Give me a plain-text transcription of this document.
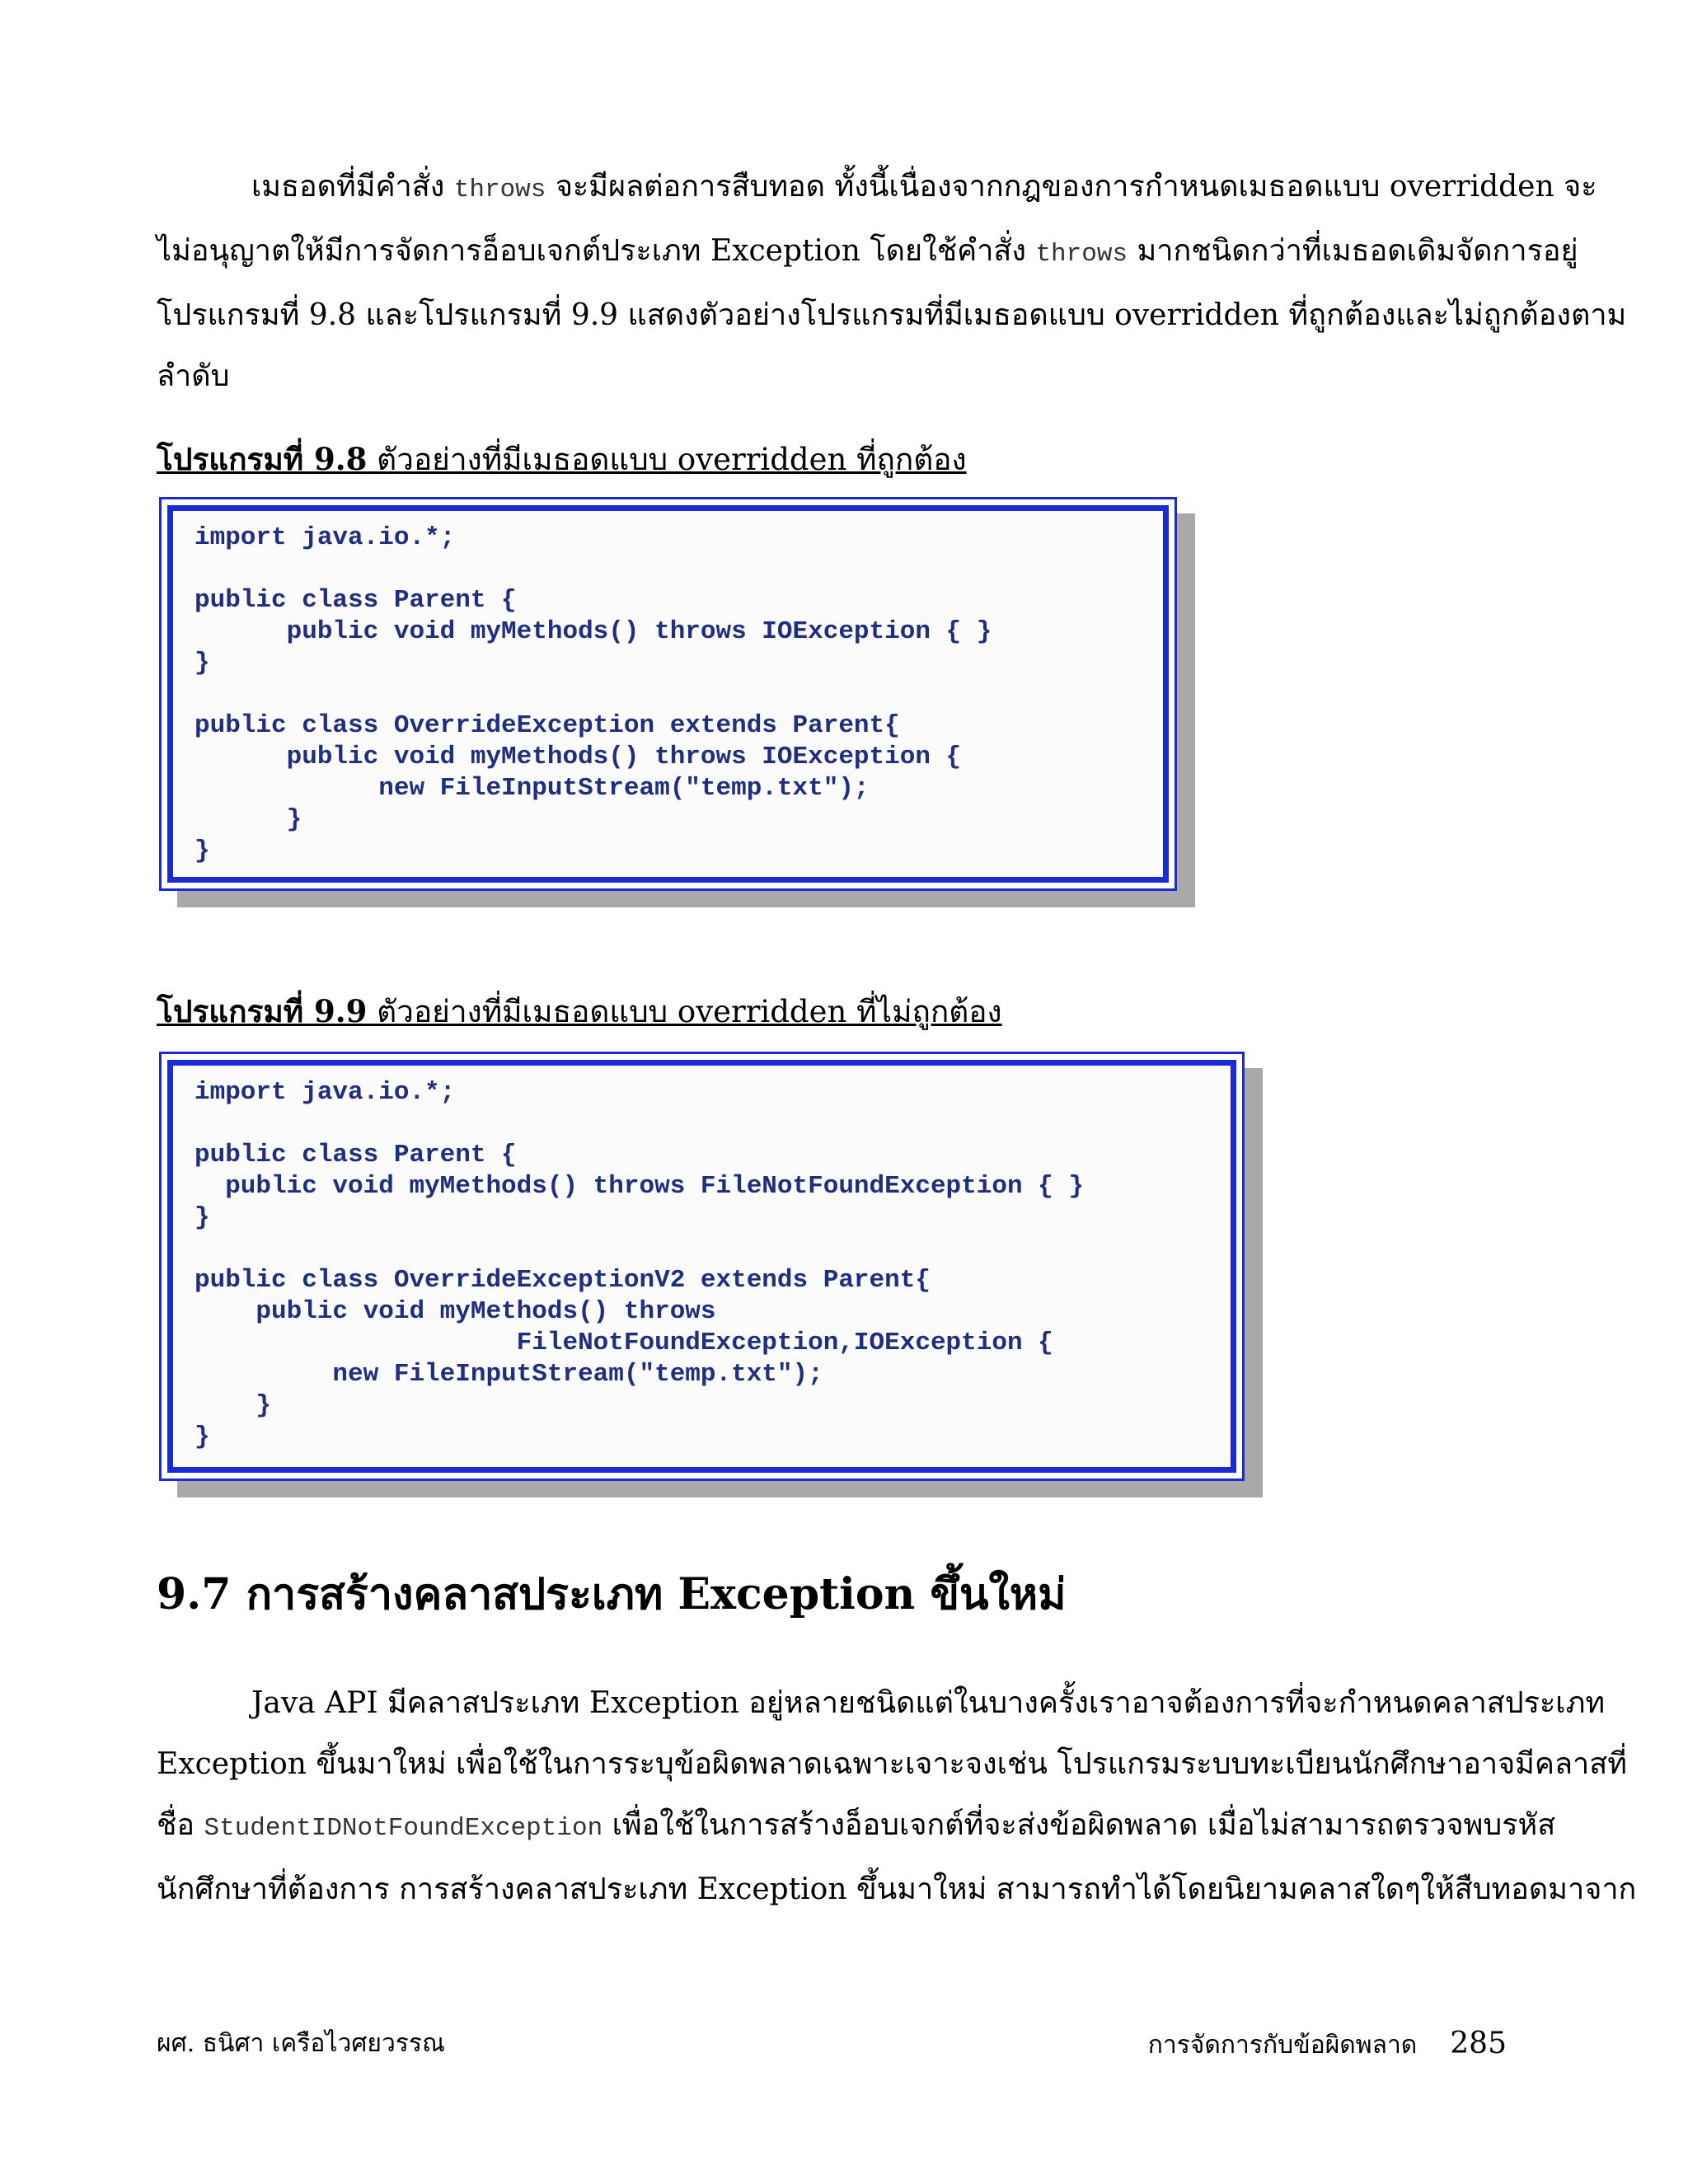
เมธอดที่มีคำสั่ง throws จะมีผลต่อการสืบทอด ทั้งนี้เนื่องจากกฎของการกำหนดเมธอดแบบ overridden จะ
ไม่อนุญาตให้มีการจัดการอ็อบเจกต์ประเภท Exception โดยใช้คำสั่ง throws มากชนิดกว่าที่เมธอดเดิมจัดการอยู่
โปรแกรมที่ 9.8 และโปรแกรมที่ 9.9 แสดงตัวอย่างโปรแกรมที่มีเมธอดแบบ overridden ที่ถูกต้องและไม่ถูกต้องตาม
ลำดับ

โปรแกรมที่ 9.8 ตัวอย่างที่มีเมธอดแบบ overridden ที่ถูกต้อง
import java.io.*;

public class Parent {
public void myMethods() throws IOException { }
}

public class OverrideException extends Parent{
public void myMethods() throws IOException {
new FileInputStream("temp.txt");
}
}
โปรแกรมที่ 9.9 ตัวอย่างที่มีเมธอดแบบ overridden ที่ไม่ถูกต้อง
import java.io.*;

public class Parent {
public void myMethods() throws FileNotFoundException { }
}

public class OverrideExceptionV2 extends Parent{
public void myMethods() throws
FileNotFoundException,IOException {
new FileInputStream("temp.txt");
}
}
9.7 การสร้างคลาสประเภท Exception ขึ้นใหม่

Java API มีคลาสประเภท Exception อยู่หลายชนิดแต่ในบางครั้งเราอาจต้องการที่จะกำหนดคลาสประเภท
Exception ขึ้นมาใหม่ เพื่อใช้ในการระบุข้อผิดพลาดเฉพาะเจาะจงเช่น โปรแกรมระบบทะเบียนนักศึกษาอาจมีคลาสที่
ชื่อ StudentIDNotFoundException เพื่อใช้ในการสร้างอ็อบเจกต์ที่จะส่งข้อผิดพลาด เมื่อไม่สามารถตรวจพบรหัส
นักศึกษาที่ต้องการ การสร้างคลาสประเภท Exception ขึ้นมาใหม่ สามารถทำได้โดยนิยามคลาสใดๆให้สืบทอดมาจาก

ผศ. ธนิศา เครือไวศยวรรณ	การจัดการกับข้อผิดพลาด 285
